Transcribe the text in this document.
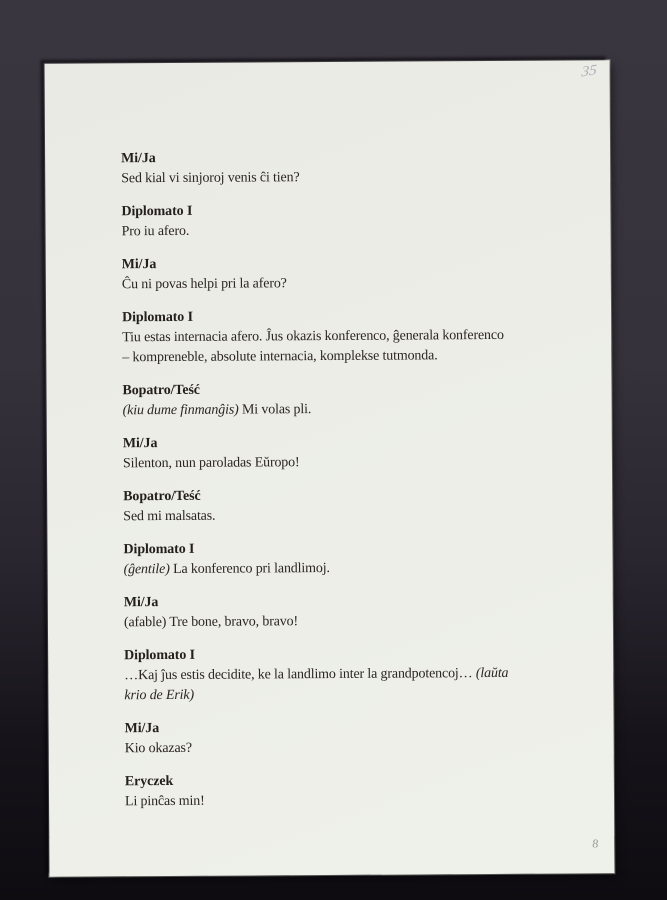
35
Mi/Ja
Sed kial vi sinjoroj venis ĉi tien?
Diplomato I
Pro iu afero.
Mi/Ja
Ĉu ni povas helpi pri la afero?
Diplomato I
Tiu estas internacia afero. Ĵus okazis konferenco, ĝenerala konferenco
– kompreneble, absolute internacia, komplekse tutmonda.
Bopatro/Teść
(kiu dume finmanĝis) Mi volas pli.
Mi/Ja
Silenton, nun paroladas Eŭropo!
Bopatro/Teść
Sed mi malsatas.
Diplomato I
(ĝentile) La konferenco pri landlimoj.
Mi/Ja
(afable) Tre bone, bravo, bravo!
Diplomato I
…Kaj ĵus estis decidite, ke la landlimo inter la grandpotencoj… (laŭta
krio de Erik)
Mi/Ja
Kio okazas?
Eryczek
Li pinĉas min!
8
